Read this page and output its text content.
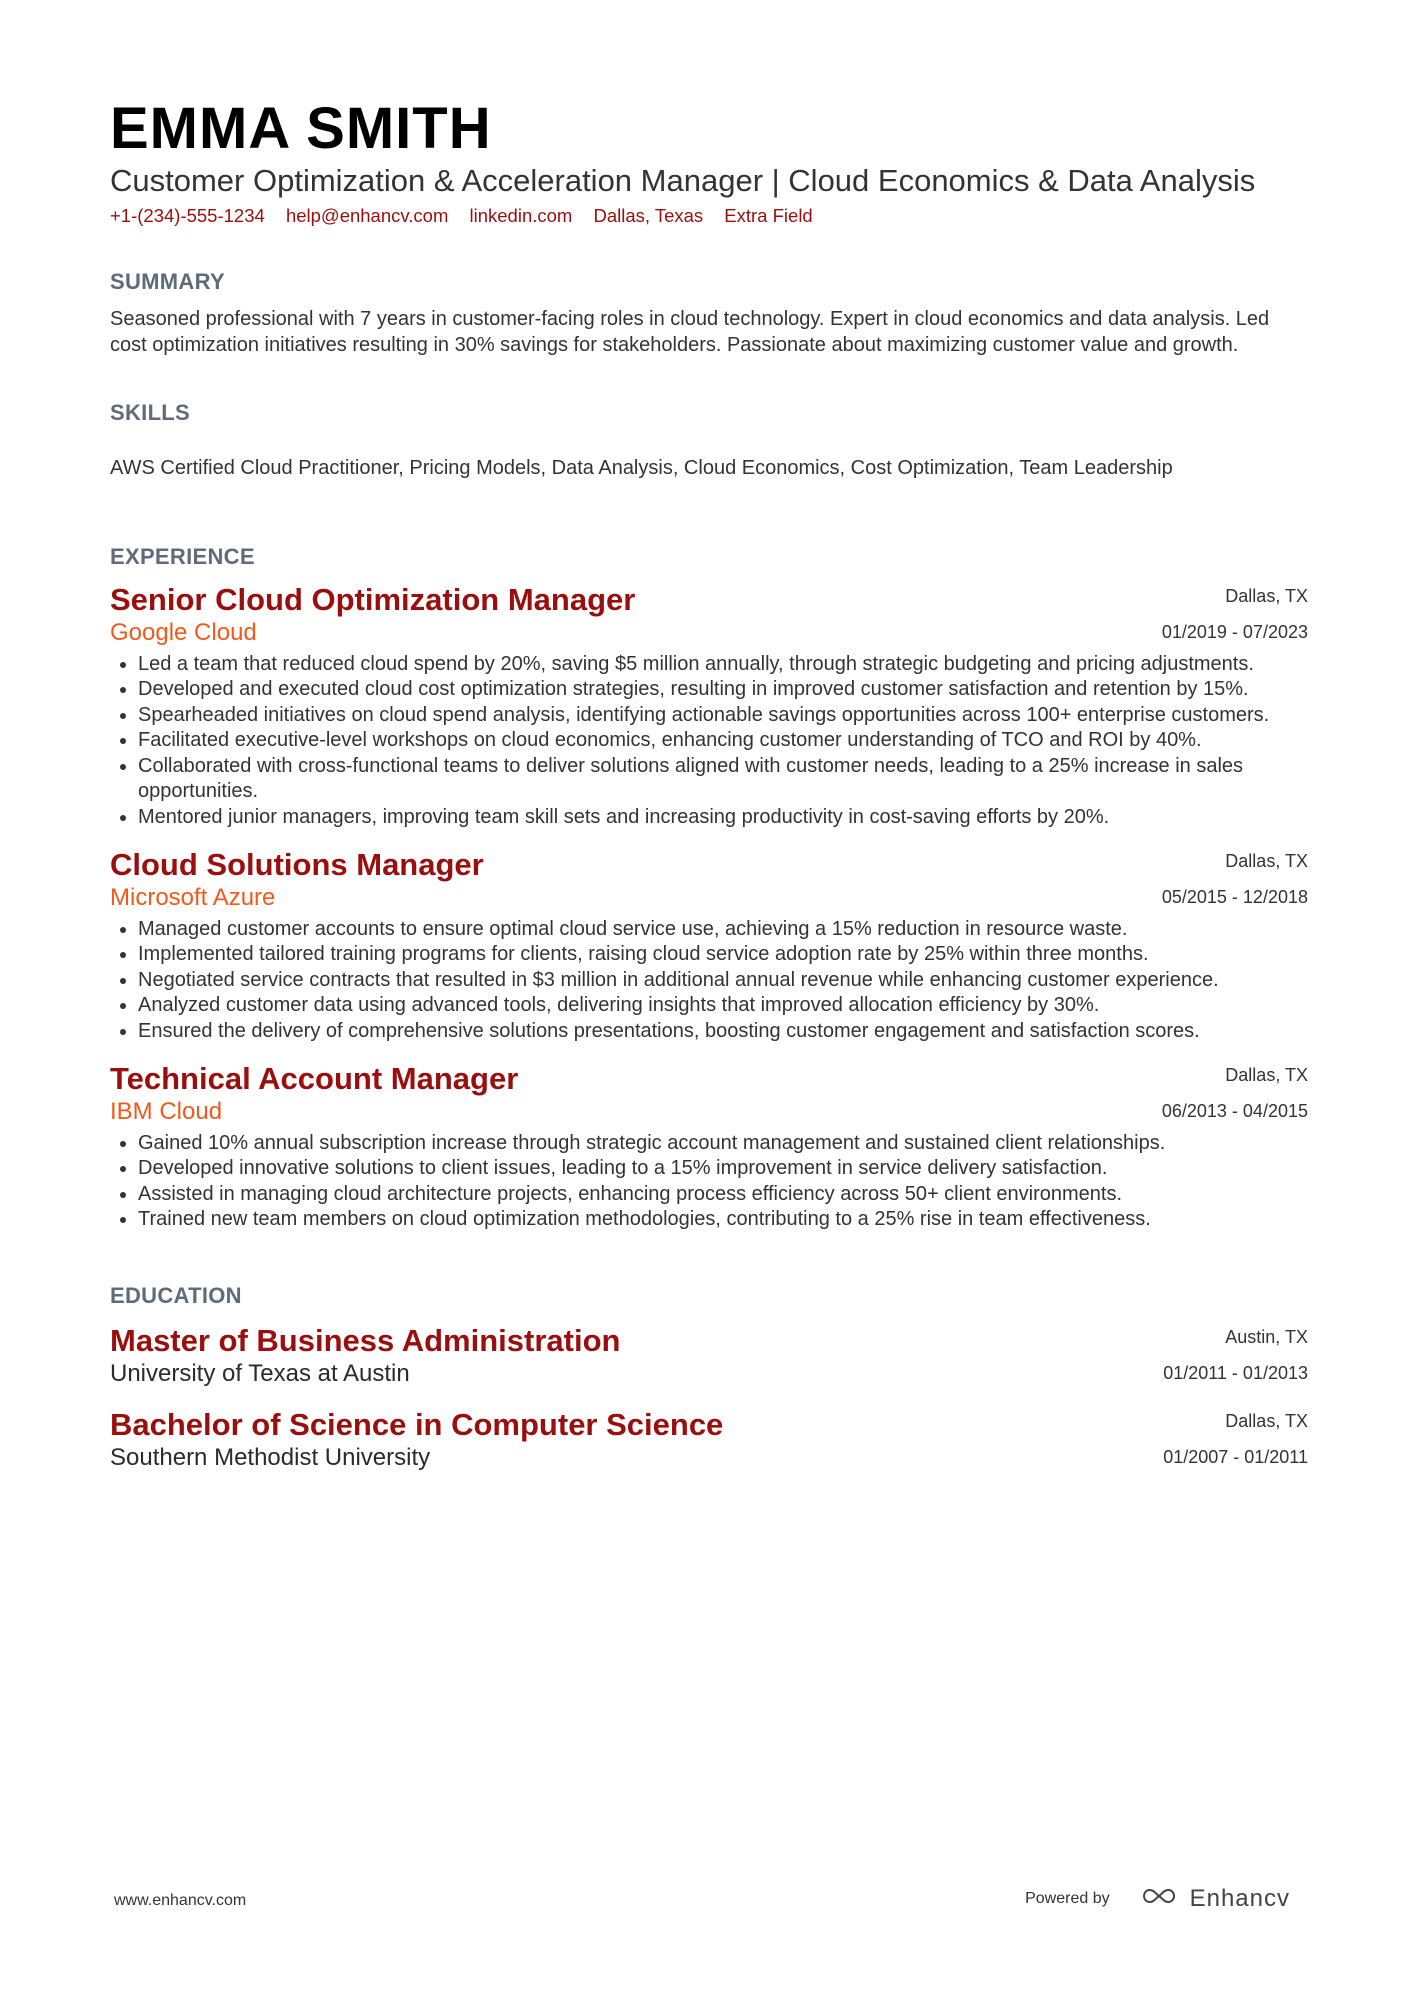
EMMA SMITH
Customer Optimization & Acceleration Manager | Cloud Economics & Data Analysis
+1-(234)-555-1234 help@enhancv.com linkedin.com Dallas, Texas Extra Field
SUMMARY
Seasoned professional with 7 years in customer-facing roles in cloud technology. Expert in cloud economics and data analysis. Led cost optimization initiatives resulting in 30% savings for stakeholders. Passionate about maximizing customer value and growth.
SKILLS
AWS Certified Cloud Practitioner, Pricing Models, Data Analysis, Cloud Economics, Cost Optimization, Team Leadership
EXPERIENCE
Senior Cloud Optimization Manager
Google Cloud
Dallas, TX
01/2019 - 07/2023
• Led a team that reduced cloud spend by 20%, saving $5 million annually, through strategic budgeting and pricing adjustments.
• Developed and executed cloud cost optimization strategies, resulting in improved customer satisfaction and retention by 15%.
• Spearheaded initiatives on cloud spend analysis, identifying actionable savings opportunities across 100+ enterprise customers.
• Facilitated executive-level workshops on cloud economics, enhancing customer understanding of TCO and ROI by 40%.
• Collaborated with cross-functional teams to deliver solutions aligned with customer needs, leading to a 25% increase in sales opportunities.
• Mentored junior managers, improving team skill sets and increasing productivity in cost-saving efforts by 20%.
Cloud Solutions Manager
Microsoft Azure
Dallas, TX
05/2015 - 12/2018
• Managed customer accounts to ensure optimal cloud service use, achieving a 15% reduction in resource waste.
• Implemented tailored training programs for clients, raising cloud service adoption rate by 25% within three months.
• Negotiated service contracts that resulted in $3 million in additional annual revenue while enhancing customer experience.
• Analyzed customer data using advanced tools, delivering insights that improved allocation efficiency by 30%.
• Ensured the delivery of comprehensive solutions presentations, boosting customer engagement and satisfaction scores.
Technical Account Manager
IBM Cloud
Dallas, TX
06/2013 - 04/2015
• Gained 10% annual subscription increase through strategic account management and sustained client relationships.
• Developed innovative solutions to client issues, leading to a 15% improvement in service delivery satisfaction.
• Assisted in managing cloud architecture projects, enhancing process efficiency across 50+ client environments.
• Trained new team members on cloud optimization methodologies, contributing to a 25% rise in team effectiveness.
EDUCATION
Master of Business Administration
University of Texas at Austin
Austin, TX
01/2011 - 01/2013
Bachelor of Science in Computer Science
Southern Methodist University
Dallas, TX
01/2007 - 01/2011
www.enhancv.com	Powered by	Enhancv
